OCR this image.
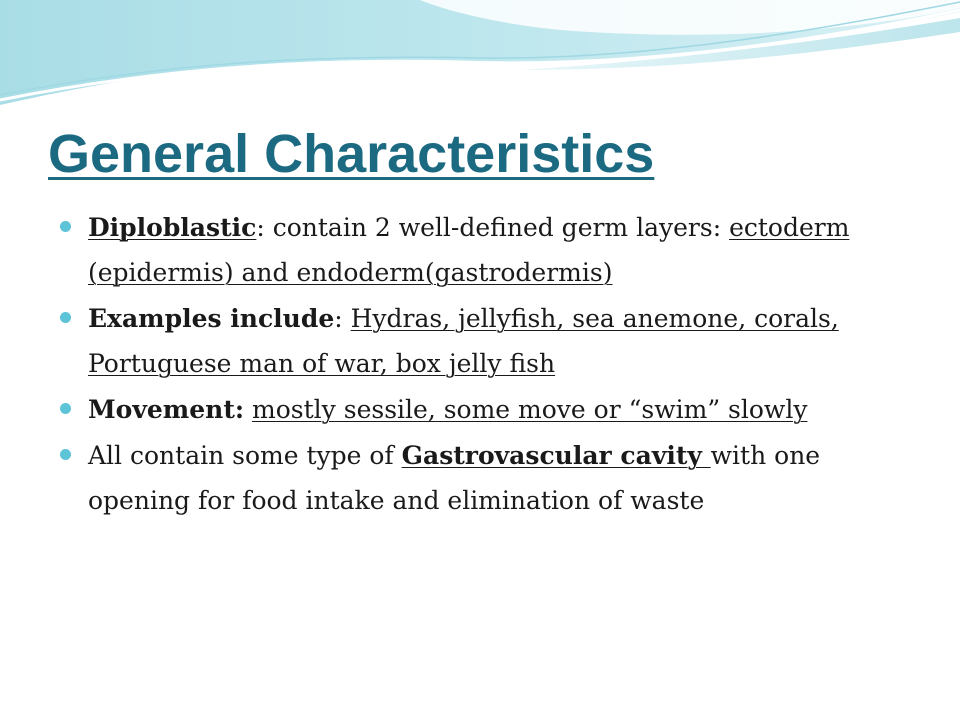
General Characteristics
Diploblastic: contain 2 well-defined germ layers: ectoderm (epidermis) and endoderm(gastrodermis)
Examples include: Hydras, jellyfish, sea anemone, corals, Portuguese man of war, box jelly fish
Movement: mostly sessile, some move or “swim” slowly
All contain some type of Gastrovascular cavity with one opening for food intake and elimination of waste
